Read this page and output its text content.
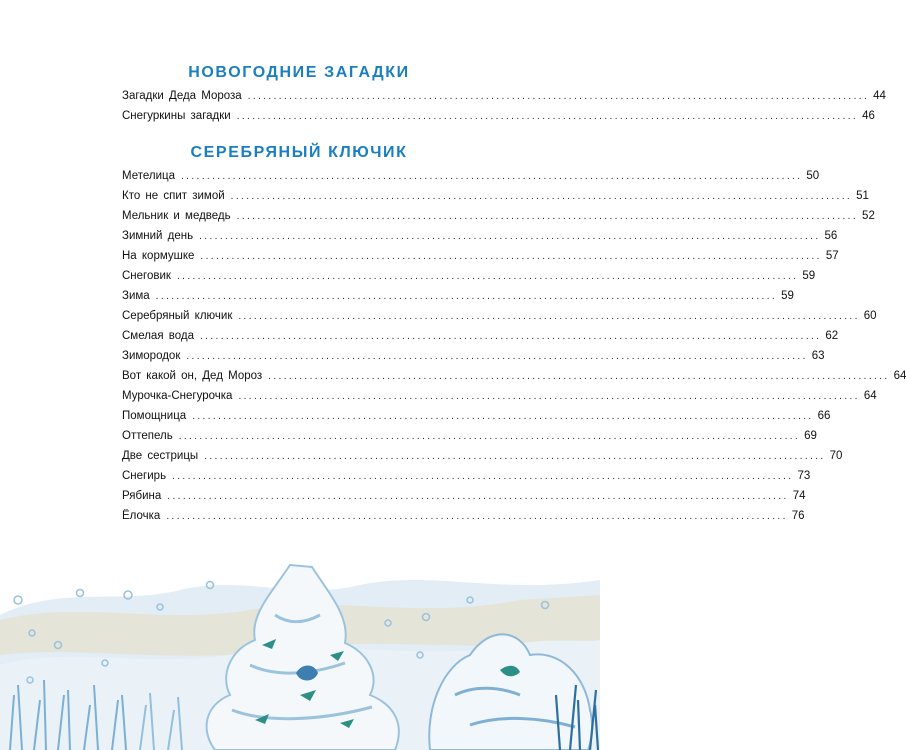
НОВОГОДНИЕ ЗАГАДКИ
Загадки Деда Мороза ........................................................................................................................ 44
Снегуркины загадки ........................................................................................................................ 46
СЕРЕБРЯНЫЙ КЛЮЧИК
Метелица ........................................................................................................................ 50
Кто не спит зимой ........................................................................................................................ 51
Мельник и медведь ........................................................................................................................ 52
Зимний день ........................................................................................................................ 56
На кормушке ........................................................................................................................ 57
Снеговик ........................................................................................................................ 59
Зима ........................................................................................................................ 59
Серебряный ключик ........................................................................................................................ 60
Смелая вода ........................................................................................................................ 62
Зимородок ........................................................................................................................ 63
Вот какой он, Дед Мороз ........................................................................................................................ 64
Мурочка-Снегурочка ........................................................................................................................ 64
Помощница ........................................................................................................................ 66
Оттепель ........................................................................................................................ 69
Две сестрицы ........................................................................................................................ 70
Снегирь ........................................................................................................................ 73
Рябина ........................................................................................................................ 74
Ёлочка ........................................................................................................................ 76
